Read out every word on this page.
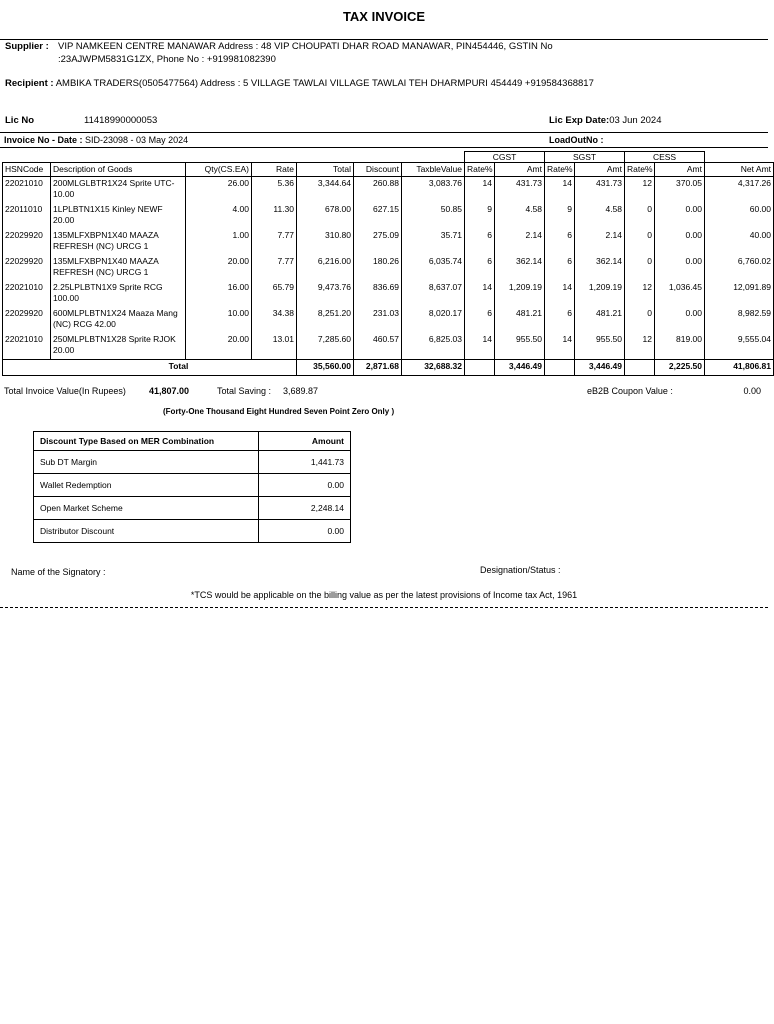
TAX INVOICE
Supplier : VIP NAMKEEN CENTRE MANAWAR Address : 48 VIP CHOUPATI DHAR ROAD MANAWAR, PIN454446, GSTIN No
:23AJWPM5831G1ZX, Phone No : +919981082390
Recipient : AMBIKA TRADERS(0505477564) Address : 5 VILLAGE TAWLAI VILLAGE TAWLAI TEH DHARMPURI 454449 +919584368817
Lic No	11418990000053	Lic Exp Date:03 Jun 2024
Invoice No - Date : SID-23098 - 03 May 2024	LoadOutNo :
							CGST		SGST		CESS		
HSNCode	Description of Goods	Qty(CS.EA)	Rate	Total	Discount	TaxbleValue	Rate%	Amt	Rate%	Amt	Rate%	Amt	Net Amt
22021010	200MLGLBTR1X24 Sprite UTC- 10.00	26.00	5.36	3,344.64	260.88	3,083.76	14	431.73	14	431.73	12	370.05	4,317.26
22011010	1LPLBTN1X15 Kinley NEWF 20.00	4.00	11.30	678.00	627.15	50.85	9	4.58	9	4.58	0	0.00	60.00
22029920	135MLFXBPN1X40 MAAZA REFRESH (NC) URCG 1	1.00	7.77	310.80	275.09	35.71	6	2.14	6	2.14	0	0.00	40.00
22029920	135MLFXBPN1X40 MAAZA REFRESH (NC) URCG 1	20.00	7.77	6,216.00	180.26	6,035.74	6	362.14	6	362.14	0	0.00	6,760.02
22021010	2.25LPLBTN1X9 Sprite RCG 100.00	16.00	65.79	9,473.76	836.69	8,637.07	14	1,209.19	14	1,209.19	12	1,036.45	12,091.89
22029920	600MLPLBTN1X24 Maaza Mang (NC) RCG 42.00	10.00	34.38	8,251.20	231.03	8,020.17	6	481.21	6	481.21	0	0.00	8,982.59
22021010	250MLPLBTN1X28 Sprite RJOK 20.00	20.00	13.01	7,285.60	460.57	6,825.03	14	955.50	14	955.50	12	819.00	9,555.04
Total				35,560.00	2,871.68	32,688.32		3,446.49		3,446.49		2,225.50	41,806.81
Total Invoice Value(In Rupees)	41,807.00	Total Saving : 3,689.87	eB2B Coupon Value :	0.00
(Forty-One Thousand Eight Hundred Seven Point Zero Only )
Discount Type Based on MER Combination	Amount
Sub DT Margin	1,441.73
Wallet Redemption	0.00
Open Market Scheme	2,248.14
Distributor Discount	0.00
Name of the Signatory :	Designation/Status :
*TCS would be applicable on the billing value as per the latest provisions of Income tax Act, 1961
